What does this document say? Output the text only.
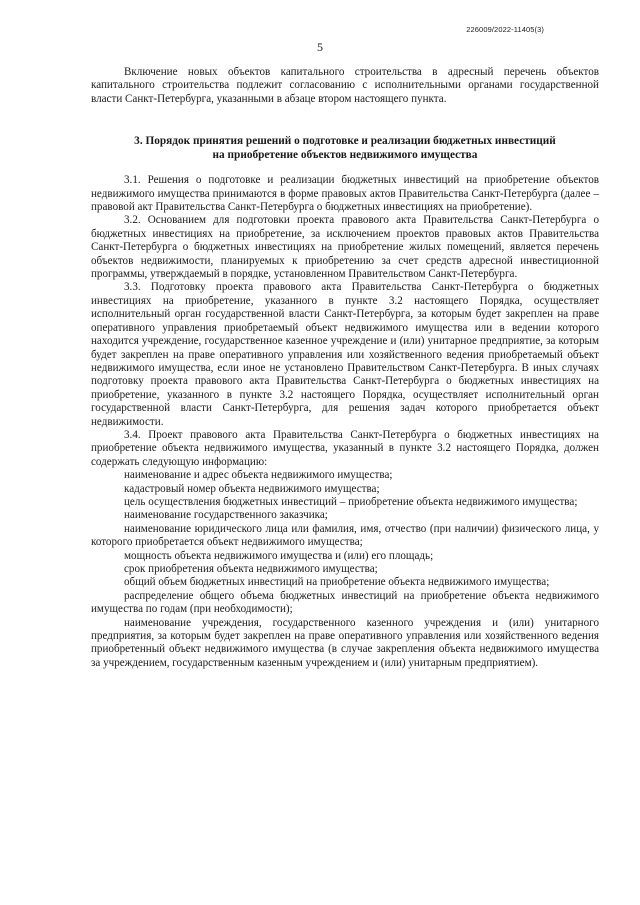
226009/2022-11405(3)
5

Включение новых объектов капитального строительства в адресный перечень объектов капитального строительства подлежит согласованию с исполнительными органами государственной власти Санкт-Петербурга, указанными в абзаце втором настоящего пункта.

3. Порядок принятия решений о подготовке и реализации бюджетных инвестиций
на приобретение объектов недвижимого имущества

3.1. Решения о подготовке и реализации бюджетных инвестиций на приобретение объектов недвижимого имущества принимаются в форме правовых актов Правительства Санкт-Петербурга (далее – правовой акт Правительства Санкт-Петербурга о бюджетных инвестициях на приобретение).

3.2. Основанием для подготовки проекта правового акта Правительства Санкт-Петербурга о бюджетных инвестициях на приобретение, за исключением проектов правовых актов Правительства Санкт-Петербурга о бюджетных инвестициях на приобретение жилых помещений, является перечень объектов недвижимости, планируемых к приобретению за счет средств адресной инвестиционной программы, утверждаемый в порядке, установленном Правительством Санкт-Петербурга.

3.3. Подготовку проекта правового акта Правительства Санкт-Петербурга о бюджетных инвестициях на приобретение, указанного в пункте 3.2 настоящего Порядка, осуществляет исполнительный орган государственной власти Санкт-Петербурга, за которым будет закреплен на праве оперативного управления приобретаемый объект недвижимого имущества или в ведении которого находится учреждение, государственное казенное учреждение и (или) унитарное предприятие, за которым будет закреплен на праве оперативного управления или хозяйственного ведения приобретаемый объект недвижимого имущества, если иное не установлено Правительством Санкт-Петербурга. В иных случаях подготовку проекта правового акта Правительства Санкт-Петербурга о бюджетных инвестициях на приобретение, указанного в пункте 3.2 настоящего Порядка, осуществляет исполнительный орган государственной власти Санкт-Петербурга, для решения задач которого приобретается объект недвижимости.

3.4. Проект правового акта Правительства Санкт-Петербурга о бюджетных инвестициях на приобретение объекта недвижимого имущества, указанный в пункте 3.2 настоящего Порядка, должен содержать следующую информацию:

наименование и адрес объекта недвижимого имущества;

кадастровый номер объекта недвижимого имущества;

цель осуществления бюджетных инвестиций – приобретение объекта недвижимого имущества;

наименование государственного заказчика;

наименование юридического лица или фамилия, имя, отчество (при наличии) физического лица, у которого приобретается объект недвижимого имущества;

мощность объекта недвижимого имущества и (или) его площадь;

срок приобретения объекта недвижимого имущества;

общий объем бюджетных инвестиций на приобретение объекта недвижимого имущества;

распределение общего объема бюджетных инвестиций на приобретение объекта недвижимого имущества по годам (при необходимости);

наименование учреждения, государственного казенного учреждения и (или) унитарного предприятия, за которым будет закреплен на праве оперативного управления или хозяйственного ведения приобретенный объект недвижимого имущества (в случае закрепления объекта недвижимого имущества за учреждением, государственным казенным учреждением и (или) унитарным предприятием).
